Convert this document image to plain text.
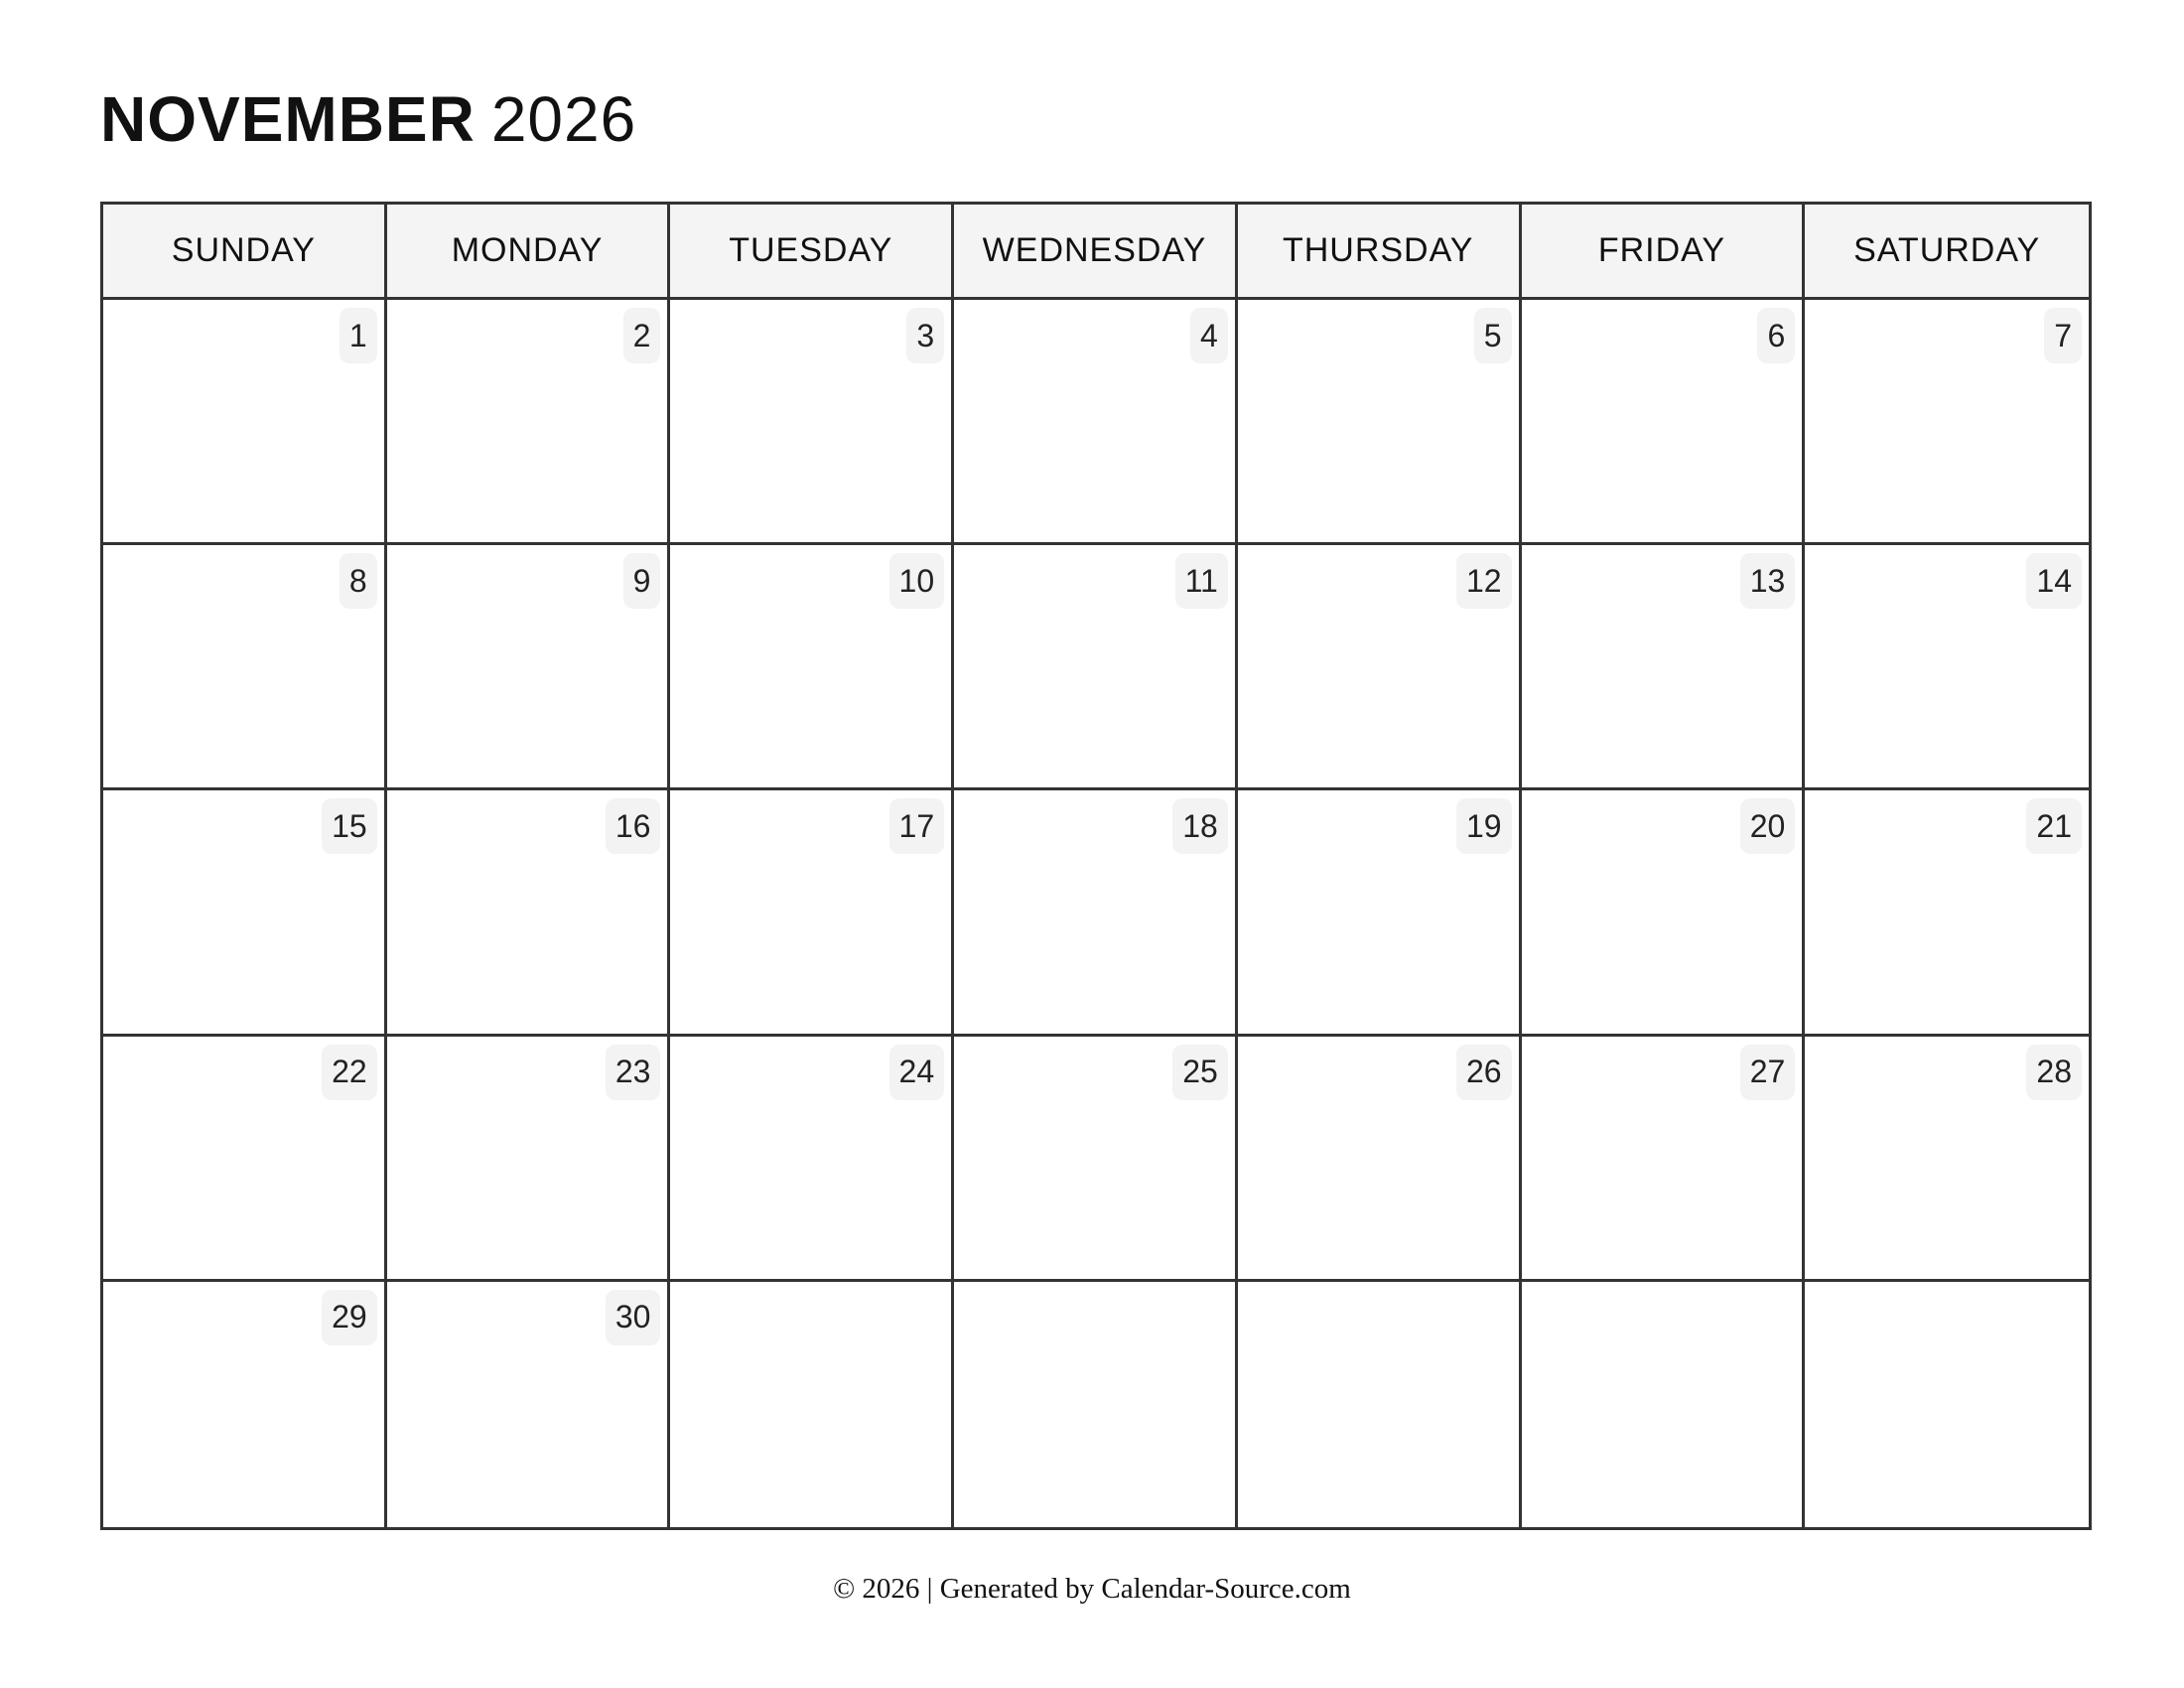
NOVEMBER 2026
SUNDAY	MONDAY	TUESDAY	WEDNESDAY	THURSDAY	FRIDAY	SATURDAY
1	2	3	4	5	6	7
8	9	10	11	12	13	14
15	16	17	18	19	20	21
22	23	24	25	26	27	28
29	30
© 2026 | Generated by Calendar-Source.com
